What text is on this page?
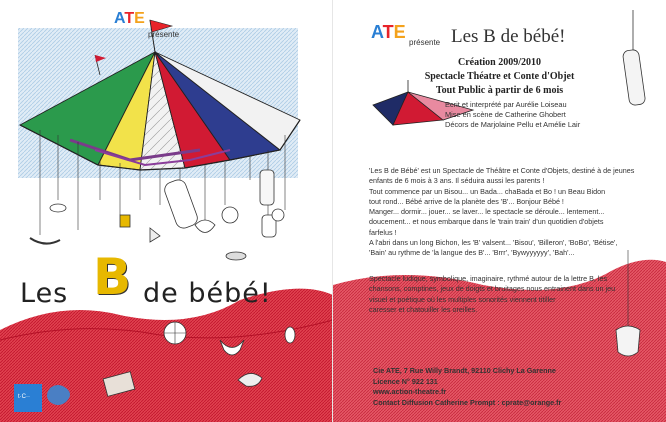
ATE
présente
Les B de bébé!
t·C··
ATE
présente Les B de bébé!
Création 2009/2010
Spectacle Théatre et Conte d'Objet
Tout Public à partir de 6 mois
Ecrit et interprété par Aurélie Loiseau
Mise en scène de Catherine Ghobert
Décors de Marjolaine Pellu et Amélie Lair
'Les B de Bébé' est un Spectacle de Théâtre et Conte d'Objets, destiné à de jeunes
enfants de 6 mois à 3 ans. Il séduira aussi les parents !
Tout commence par un Bisou... un Bada... chaBada et Bo ! un Beau Bidon
tout rond... Bébé arrive de la planète des 'B'... Bonjour Bébé !
Manger... dormir... jouer... se laver... le spectacle se déroule... lentement...
doucement... et nous embarque dans le 'train train' d'un quotidien d'objets
farfelus !
A l'abri dans un long Bichon, les 'B' valsent... 'Bisou', 'Billeron', 'BoBo', 'Bétise',
'Bain' au rythme de 'la langue des B'... 'Brrr', 'Bywyyyyyy', 'Bah'...
Spectacle ludique, symbolique, imaginaire, rythmé autour de la lettre B, les
chansons, comptines, jeux de doigts et bruitages nous entrainent dans un jeu
visuel et poétique où les multiples sonorités viennent titiller
caresser et chatouiller les oreilles.
Cie ATE, 7 Rue Willy Brandt, 92110 Clichy La Garenne
Licence N° 922 131
www.action-theatre.fr
Contact Diffusion Catherine Prompt : cprate@orange.fr
